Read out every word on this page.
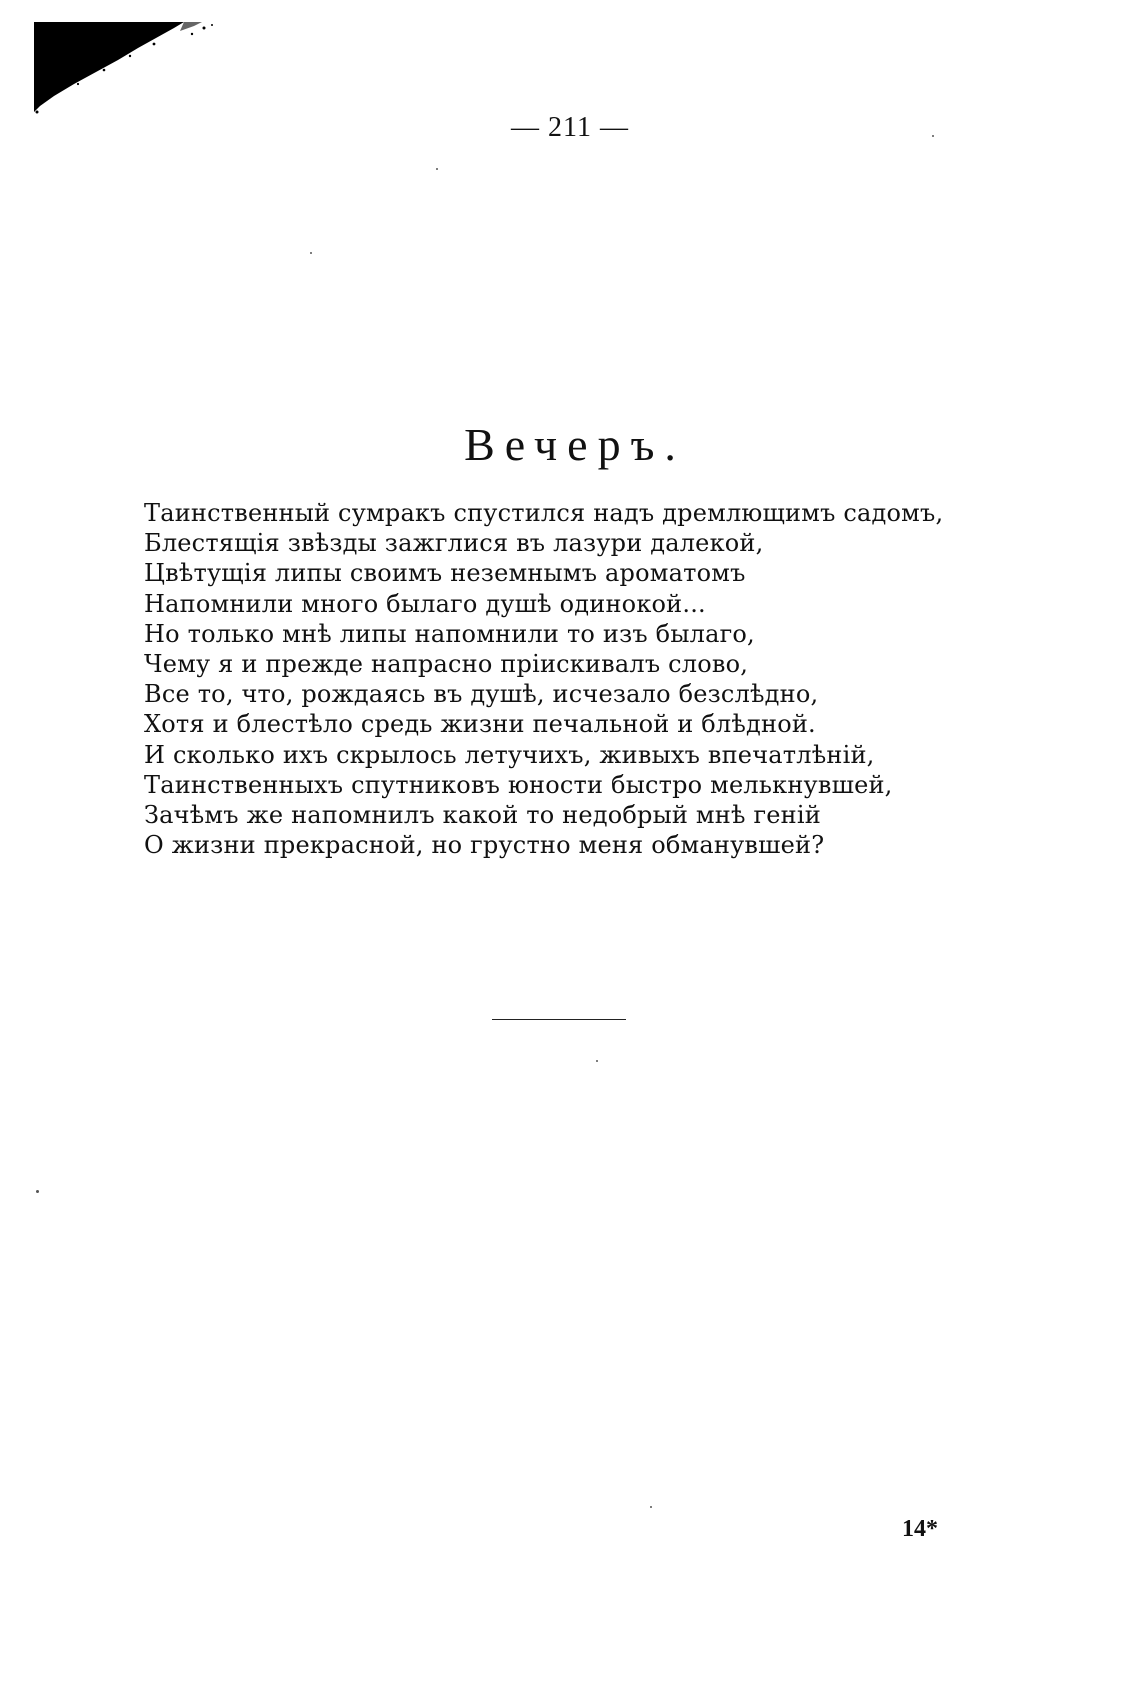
— 211 —
Вечеръ.
Таинственный сумракъ спустился надъ дремлющимъ садомъ,
Блестящія звѣзды зажглися въ лазури далекой,
Цвѣтущія липы своимъ неземнымъ ароматомъ
Напомнили много былаго душѣ одинокой...
Но только мнѣ липы напомнили то изъ былаго,
Чему я и прежде напрасно пріискивалъ слово,
Все то, что, рождаясь въ душѣ, исчезало безслѣдно,
Хотя и блестѣло средь жизни печальной и блѣдной.
И сколько ихъ скрылось летучихъ, живыхъ впечатлѣній,
Таинственныхъ спутниковъ юности быстро мелькнувшей,
Зачѣмъ же напомнилъ какой то недобрый мнѣ геній
О жизни прекрасной, но грустно меня обманувшей?
14*
